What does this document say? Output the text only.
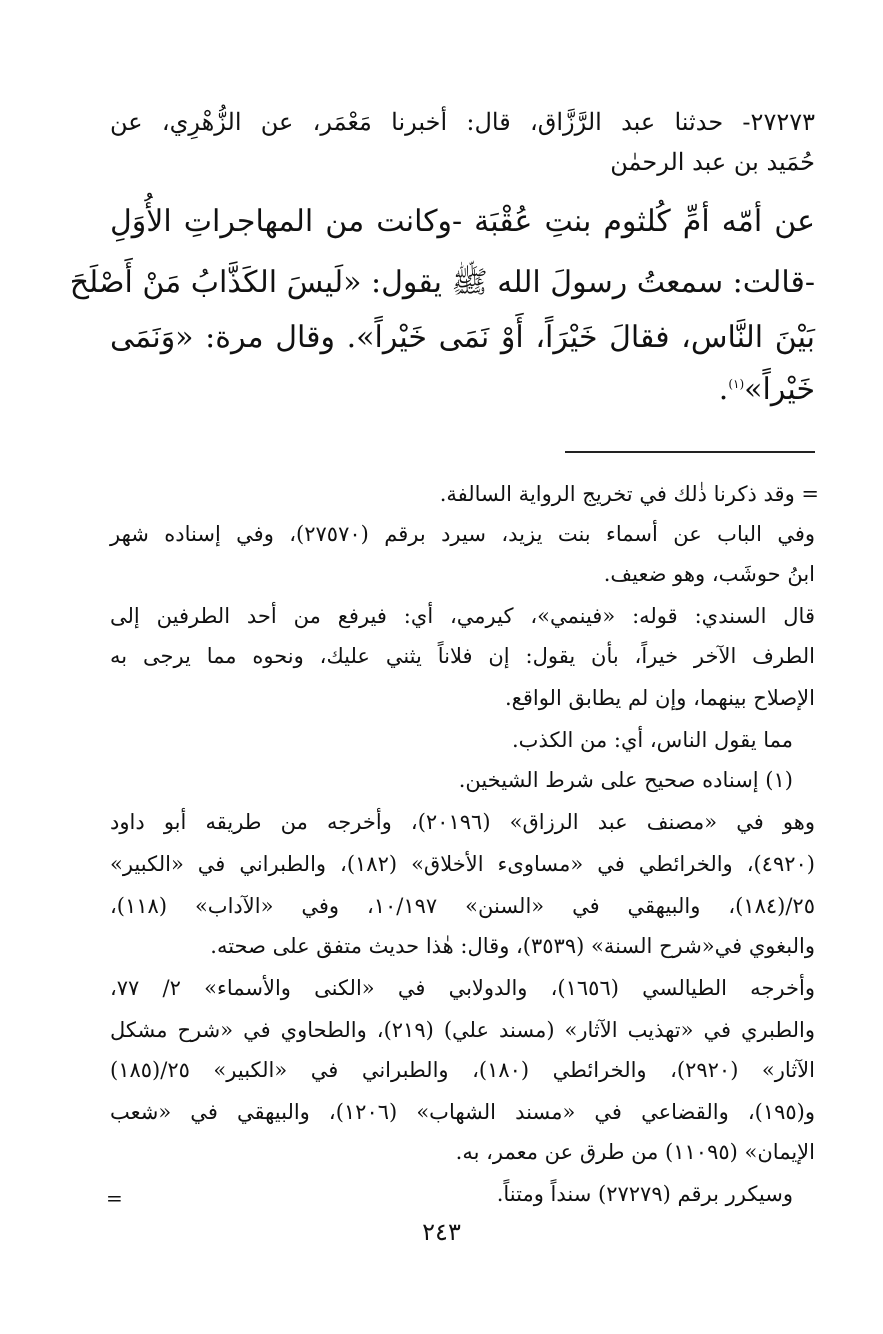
٢٧٢٧٣- حدثنا عبد الرَّزَّاق، قال: أخبرنا مَعْمَر، عن الزُّهْرِي، عن
حُمَيد بن عبد الرحمٰن
عن أمّه أمِّ كُلثوم بنتِ عُقْبَة -وكانت من المهاجراتِ الأُوَلِ
-قالت: سمعتُ رسولَ الله ﷺ يقول: «لَيسَ الكَذَّابُ مَنْ أَصْلَحَ
بَيْنَ النَّاس، فقالَ خَيْرَاً، أَوْ نَمَى خَيْراً». وقال مرة: «وَنَمَى
خَيْراً»$^{(١)}$.
= وقد ذكرنا ذٰلك في تخريج الرواية السالفة.
وفي الباب عن أسماء بنت يزيد، سيرد برقم (٢٧٥٧٠)، وفي إسناده شهر
ابنُ حوشَب، وهو ضعيف.
قال السندي: قوله: «فينمي»، كيرمي، أي: فيرفع من أحد الطرفين إلى
الطرف الآخر خيراً، بأن يقول: إن فلاناً يثني عليك، ونحوه مما يرجى به
الإصلاح بينهما، وإن لم يطابق الواقع.
مما يقول الناس، أي: من الكذب.
(١) إسناده صحيح على شرط الشيخين.
وهو في «مصنف عبد الرزاق» (٢٠١٩٦)، وأخرجه من طريقه أبو داود
(٤٩٢٠)، والخرائطي في «مساوىء الأخلاق» (١٨٢)، والطبراني في «الكبير»
٢٥/(١٨٤)، والبيهقي في «السنن» ١٠/١٩٧، وفي «الآداب» (١١٨)،
والبغوي في«شرح السنة» (٣٥٣٩)، وقال: هٰذا حديث متفق على صحته.
وأخرجه الطيالسي (١٦٥٦)، والدولابي في «الكنى والأسماء» ٢/ ٧٧،
والطبري في «تهذيب الآثار» (مسند علي) (٢١٩)، والطحاوي في «شرح مشكل
الآثار» (٢٩٢٠)، والخرائطي (١٨٠)، والطبراني في «الكبير» ٢٥/(١٨٥)
و(١٩٥)، والقضاعي في «مسند الشهاب» (١٢٠٦)، والبيهقي في «شعب
الإيمان» (١١٠٩٥) من طرق عن معمر، به.
وسيكرر برقم (٢٧٢٧٩) سنداً ومتناً.
=
٢٤٣
